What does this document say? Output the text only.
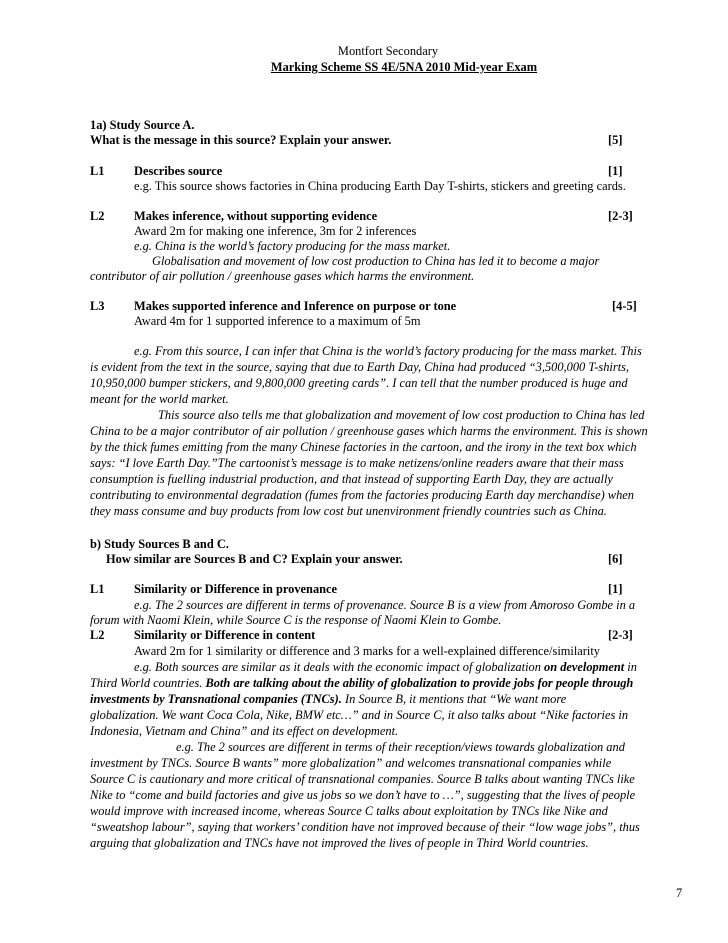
Montfort Secondary
Marking Scheme SS 4E/5NA 2010 Mid-year Exam
1a) Study Source A.
What is the message in this source? Explain your answer.	[5]
L1 Describes source	[1]
e.g. This source shows factories in China producing Earth Day T-shirts, stickers and greeting cards.
L2 Makes inference, without supporting evidence	[2-3]
Award 2m for making one inference, 3m for 2 inferences
e.g. China is the world’s factory producing for the mass market.
Globalisation and movement of low cost production to China has led it to become a major
contributor of air pollution / greenhouse gases which harms the environment.
L3 Makes supported inference and Inference on purpose or tone	[4-5]
Award 4m for 1 supported inference to a maximum of 5m
e.g. From this source, I can infer that China is the world’s factory producing for the mass market. This
is evident from the text in the source, saying that due to Earth Day, China had produced “3,500,000 T-shirts,
10,950,000 bumper stickers, and 9,800,000 greeting cards”. I can tell that the number produced is huge and
meant for the world market.
This source also tells me that globalization and movement of low cost production to China has led
China to be a major contributor of air pollution / greenhouse gases which harms the environment. This is shown
by the thick fumes emitting from the many Chinese factories in the cartoon, and the irony in the text box which
says: “I love Earth Day.”The cartoonist’s message is to make netizens/online readers aware that their mass
consumption is fuelling industrial production, and that instead of supporting Earth Day, they are actually
contributing to environmental degradation (fumes from the factories producing Earth day merchandise) when
they mass consume and buy products from low cost but unenvironment friendly countries such as China.
b) Study Sources B and C.
How similar are Sources B and C? Explain your answer.	[6]
L1 Similarity or Difference in provenance	[1]
e.g. The 2 sources are different in terms of provenance. Source B is a view from Amoroso Gombe in a
forum with Naomi Klein, while Source C is the response of Naomi Klein to Gombe.
L2 Similarity or Difference in content	[2-3]
Award 2m for 1 similarity or difference and 3 marks for a well-explained difference/similarity
e.g. Both sources are similar as it deals with the economic impact of globalization on development in
Third World countries. Both are talking about the ability of globalization to provide jobs for people through
investments by Transnational companies (TNCs). In Source B, it mentions that “We want more
globalization. We want Coca Cola, Nike, BMW etc…” and in Source C, it also talks about “Nike factories in
Indonesia, Vietnam and China” and its effect on development.
e.g. The 2 sources are different in terms of their reception/views towards globalization and
investment by TNCs. Source B wants” more globalization” and welcomes transnational companies while
Source C is cautionary and more critical of transnational companies. Source B talks about wanting TNCs like
Nike to “come and build factories and give us jobs so we don’t have to …”, suggesting that the lives of people
would improve with increased income, whereas Source C talks about exploitation by TNCs like Nike and
“sweatshop labour”, saying that workers’ condition have not improved because of their “low wage jobs”, thus
arguing that globalization and TNCs have not improved the lives of people in Third World countries.
7
